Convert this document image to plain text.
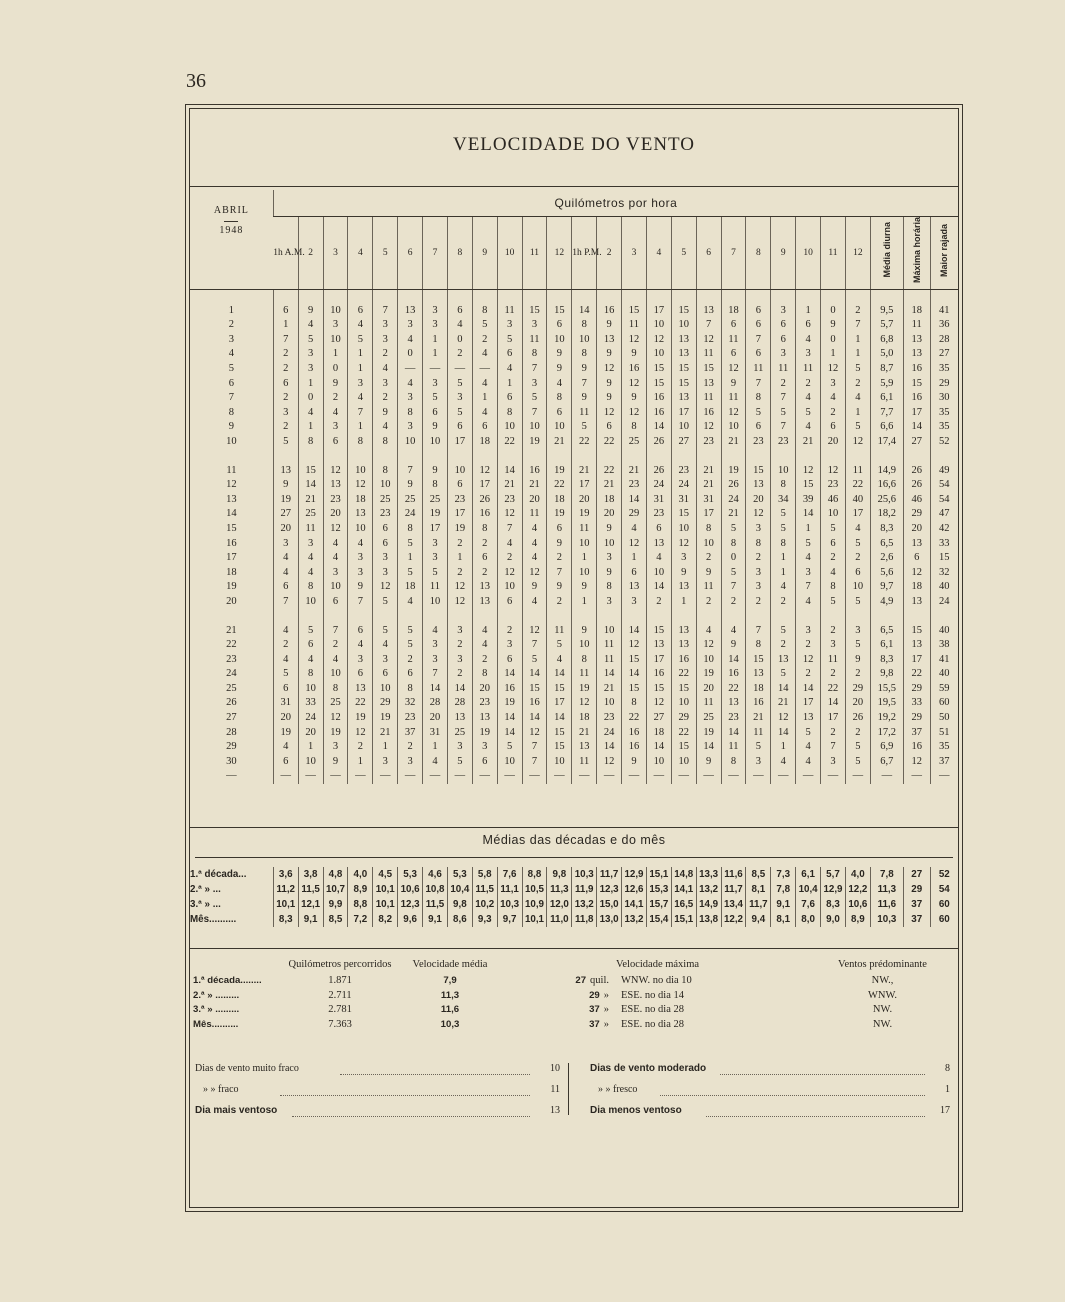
36
VELOCIDADE DO VENTO
ABRIL
1948	Quilómetros por hora																										
	1h A.M.	2	3	4	5	6	7	8	9	10	11	12	1h P.M.	2	3	4	5	6	7	8	9	10	11	12	Média diurna	Máxima horária	Maior rajada

1	6	9	10	6	7	13	3	6	8	11	15	15	14	16	15	17	15	13	18	6	3	1	0	2	9,5	18	41
2	1	4	3	4	3	3	3	4	5	3	3	6	8	9	11	10	10	7	6	6	6	6	9	7	5,7	11	36
3	7	5	10	5	3	4	1	0	2	5	11	10	10	13	12	12	13	12	11	7	6	4	0	1	6,8	13	28
4	2	3	1	1	2	0	1	2	4	6	8	9	8	9	9	10	13	11	6	6	3	3	1	1	5,0	13	27
5	2	3	0	1	4	—	—	—	—	4	7	9	9	12	16	15	15	15	12	11	11	11	12	5	8,7	16	35
6	6	1	9	3	3	4	3	5	4	1	3	4	7	9	12	15	15	13	9	7	2	2	3	2	5,9	15	29
7	2	0	2	4	2	3	5	3	1	6	5	8	9	9	9	16	13	11	11	8	7	4	4	4	6,1	16	30
8	3	4	4	7	9	8	6	5	4	8	7	6	11	12	12	16	17	16	12	5	5	5	2	1	7,7	17	35
9	2	1	3	1	4	3	9	6	6	10	10	10	5	6	8	14	10	12	10	6	7	4	6	5	6,6	14	35
10	5	8	6	8	8	10	10	17	18	22	19	21	22	22	25	26	27	23	21	23	23	21	20	12	17,4	27	52

11	13	15	12	10	8	7	9	10	12	14	16	19	21	22	21	26	23	21	19	15	10	12	12	11	14,9	26	49
12	9	14	13	12	10	9	8	6	17	21	21	22	17	21	23	24	24	21	26	13	8	15	23	22	16,6	26	54
13	19	21	23	18	25	25	25	23	26	23	20	18	20	18	14	31	31	31	24	20	34	39	46	40	25,6	46	54
14	27	25	20	13	23	24	19	17	16	12	11	19	19	20	29	23	15	17	21	12	5	14	10	17	18,2	29	47
15	20	11	12	10	6	8	17	19	8	7	4	6	11	9	4	6	10	8	5	3	5	1	5	4	8,3	20	42
16	3	3	4	4	6	5	3	2	2	4	4	9	10	10	12	13	12	10	8	8	8	5	6	5	6,5	13	33
17	4	4	4	3	3	1	3	1	6	2	4	2	1	3	1	4	3	2	0	2	1	4	2	2	2,6	6	15
18	4	4	3	3	3	5	5	2	2	12	12	7	10	9	6	10	9	9	5	3	1	3	4	6	5,6	12	32
19	6	8	10	9	12	18	11	12	13	10	9	9	9	8	13	14	13	11	7	3	4	7	8	10	9,7	18	40
20	7	10	6	7	5	4	10	12	13	6	4	2	1	3	3	2	1	2	2	2	2	4	5	5	4,9	13	24

21	4	5	7	6	5	5	4	3	4	2	12	11	9	10	14	15	13	4	4	7	5	3	2	3	6,5	15	40
22	2	6	2	4	4	5	3	2	4	3	7	5	10	11	12	13	13	12	9	8	2	2	3	5	6,1	13	38
23	4	4	4	3	3	2	3	3	2	6	5	4	8	11	15	17	16	10	14	15	13	12	11	9	8,3	17	41
24	5	8	10	6	6	6	7	2	8	14	14	14	11	14	14	16	22	19	16	13	5	2	2	2	9,8	22	40
25	6	10	8	13	10	8	14	14	20	16	15	15	19	21	15	15	15	20	22	18	14	14	22	29	15,5	29	59
26	31	33	25	22	29	32	28	28	23	19	16	17	12	10	8	12	10	11	13	16	21	17	14	20	19,5	33	60
27	20	24	12	19	19	23	20	13	13	14	14	14	18	23	22	27	29	25	23	21	12	13	17	26	19,2	29	50
28	19	20	19	12	21	37	31	25	19	14	12	15	21	24	16	18	22	19	14	11	14	5	2	2	17,2	37	51
29	4	1	3	2	1	2	1	3	3	5	7	15	13	14	16	14	15	14	11	5	1	4	7	5	6,9	16	35
30	6	10	9	1	3	3	4	5	6	10	7	10	11	12	9	10	10	9	8	3	4	4	3	5	6,7	12	37
—	—	—	—	—	—	—	—	—	—	—	—	—	—	—	—	—	—	—	—	—	—	—	—	—	—	—	—
Médias das décadas e do mês
1.ª década...	3,6	3,8	4,8	4,0	4,5	5,3	4,6	5,3	5,8	7,6	8,8	9,8	10,3	11,7	12,9	15,1	14,8	13,3	11,6	8,5	7,3	6,1	5,7	4,0	7,8	27	52
2.ª » ...	11,2	11,5	10,7	8,9	10,1	10,6	10,8	10,4	11,5	11,1	10,5	11,3	11,9	12,3	12,6	15,3	14,1	13,2	11,7	8,1	7,8	10,4	12,9	12,2	11,3	29	54
3.ª » ...	10,1	12,1	9,9	8,8	10,1	12,3	11,5	9,8	10,2	10,3	10,9	12,0	13,2	15,0	14,1	15,7	16,5	14,9	13,4	11,7	9,1	7,6	8,3	10,6	11,6	37	60
Mês..........	8,3	9,1	8,5	7,2	8,2	9,6	9,1	8,6	9,3	9,7	10,1	11,0	11,8	13,0	13,2	15,4	15,1	13,8	12,2	9,4	8,1	8,0	9,0	8,9	10,3	37	60
	Quilómetros percorridos	Velocidade média	Velocidade máxima		Ventos prédominante
1.ª década........	1.871	7,9	27 quil.	WNW. no dia 10	NW.,
2.ª » .........	2.711	11,3	29 »	ESE. no dia 14	WNW.
3.ª » .........	2.781	11,6	37 »	ESE. no dia 28	NW.
Mês..........	7.363	10,3	37 »	ESE. no dia 28	NW.
Dias de vento muito fraco	10
» » fraco	11
Dia mais ventoso	13
Dias de vento moderado	8
» » fresco	1
Dia menos ventoso	17
